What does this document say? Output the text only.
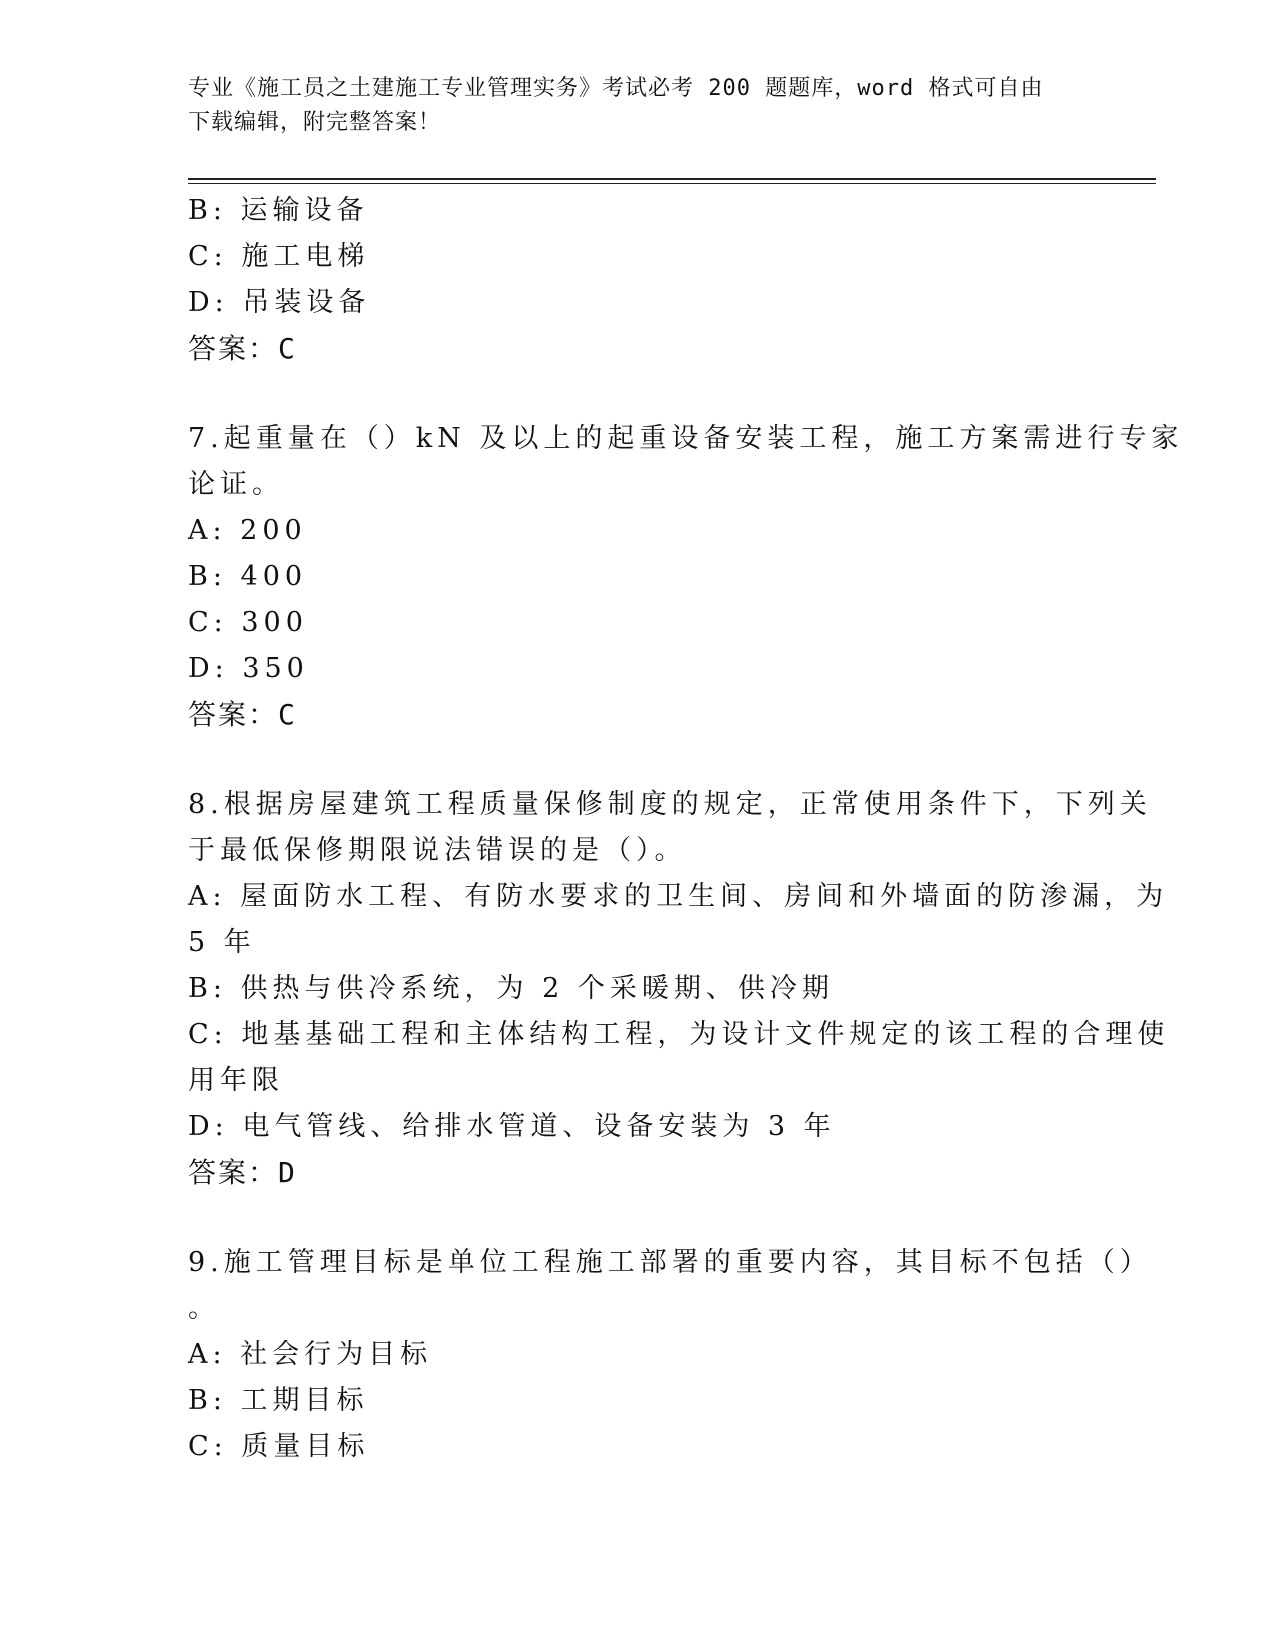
专业《施工员之土建施工专业管理实务》考试必考 200 题题库，word 格式可自由
下载编辑，附完整答案！
B: 运输设备
C: 施工电梯
D: 吊装设备
答案：C
7.起重量在（）kN 及以上的起重设备安装工程，施工方案需进行专家
论证。
A: 200
B: 400
C: 300
D: 350
答案：C
8.根据房屋建筑工程质量保修制度的规定，正常使用条件下，下列关
于最低保修期限说法错误的是（）。
A: 屋面防水工程、有防水要求的卫生间、房间和外墙面的防渗漏，为
5 年
B: 供热与供冷系统，为 2 个采暖期、供冷期
C: 地基基础工程和主体结构工程，为设计文件规定的该工程的合理使
用年限
D: 电气管线、给排水管道、设备安装为 3 年
答案：D
9.施工管理目标是单位工程施工部署的重要内容，其目标不包括（）
。
A: 社会行为目标
B: 工期目标
C: 质量目标
